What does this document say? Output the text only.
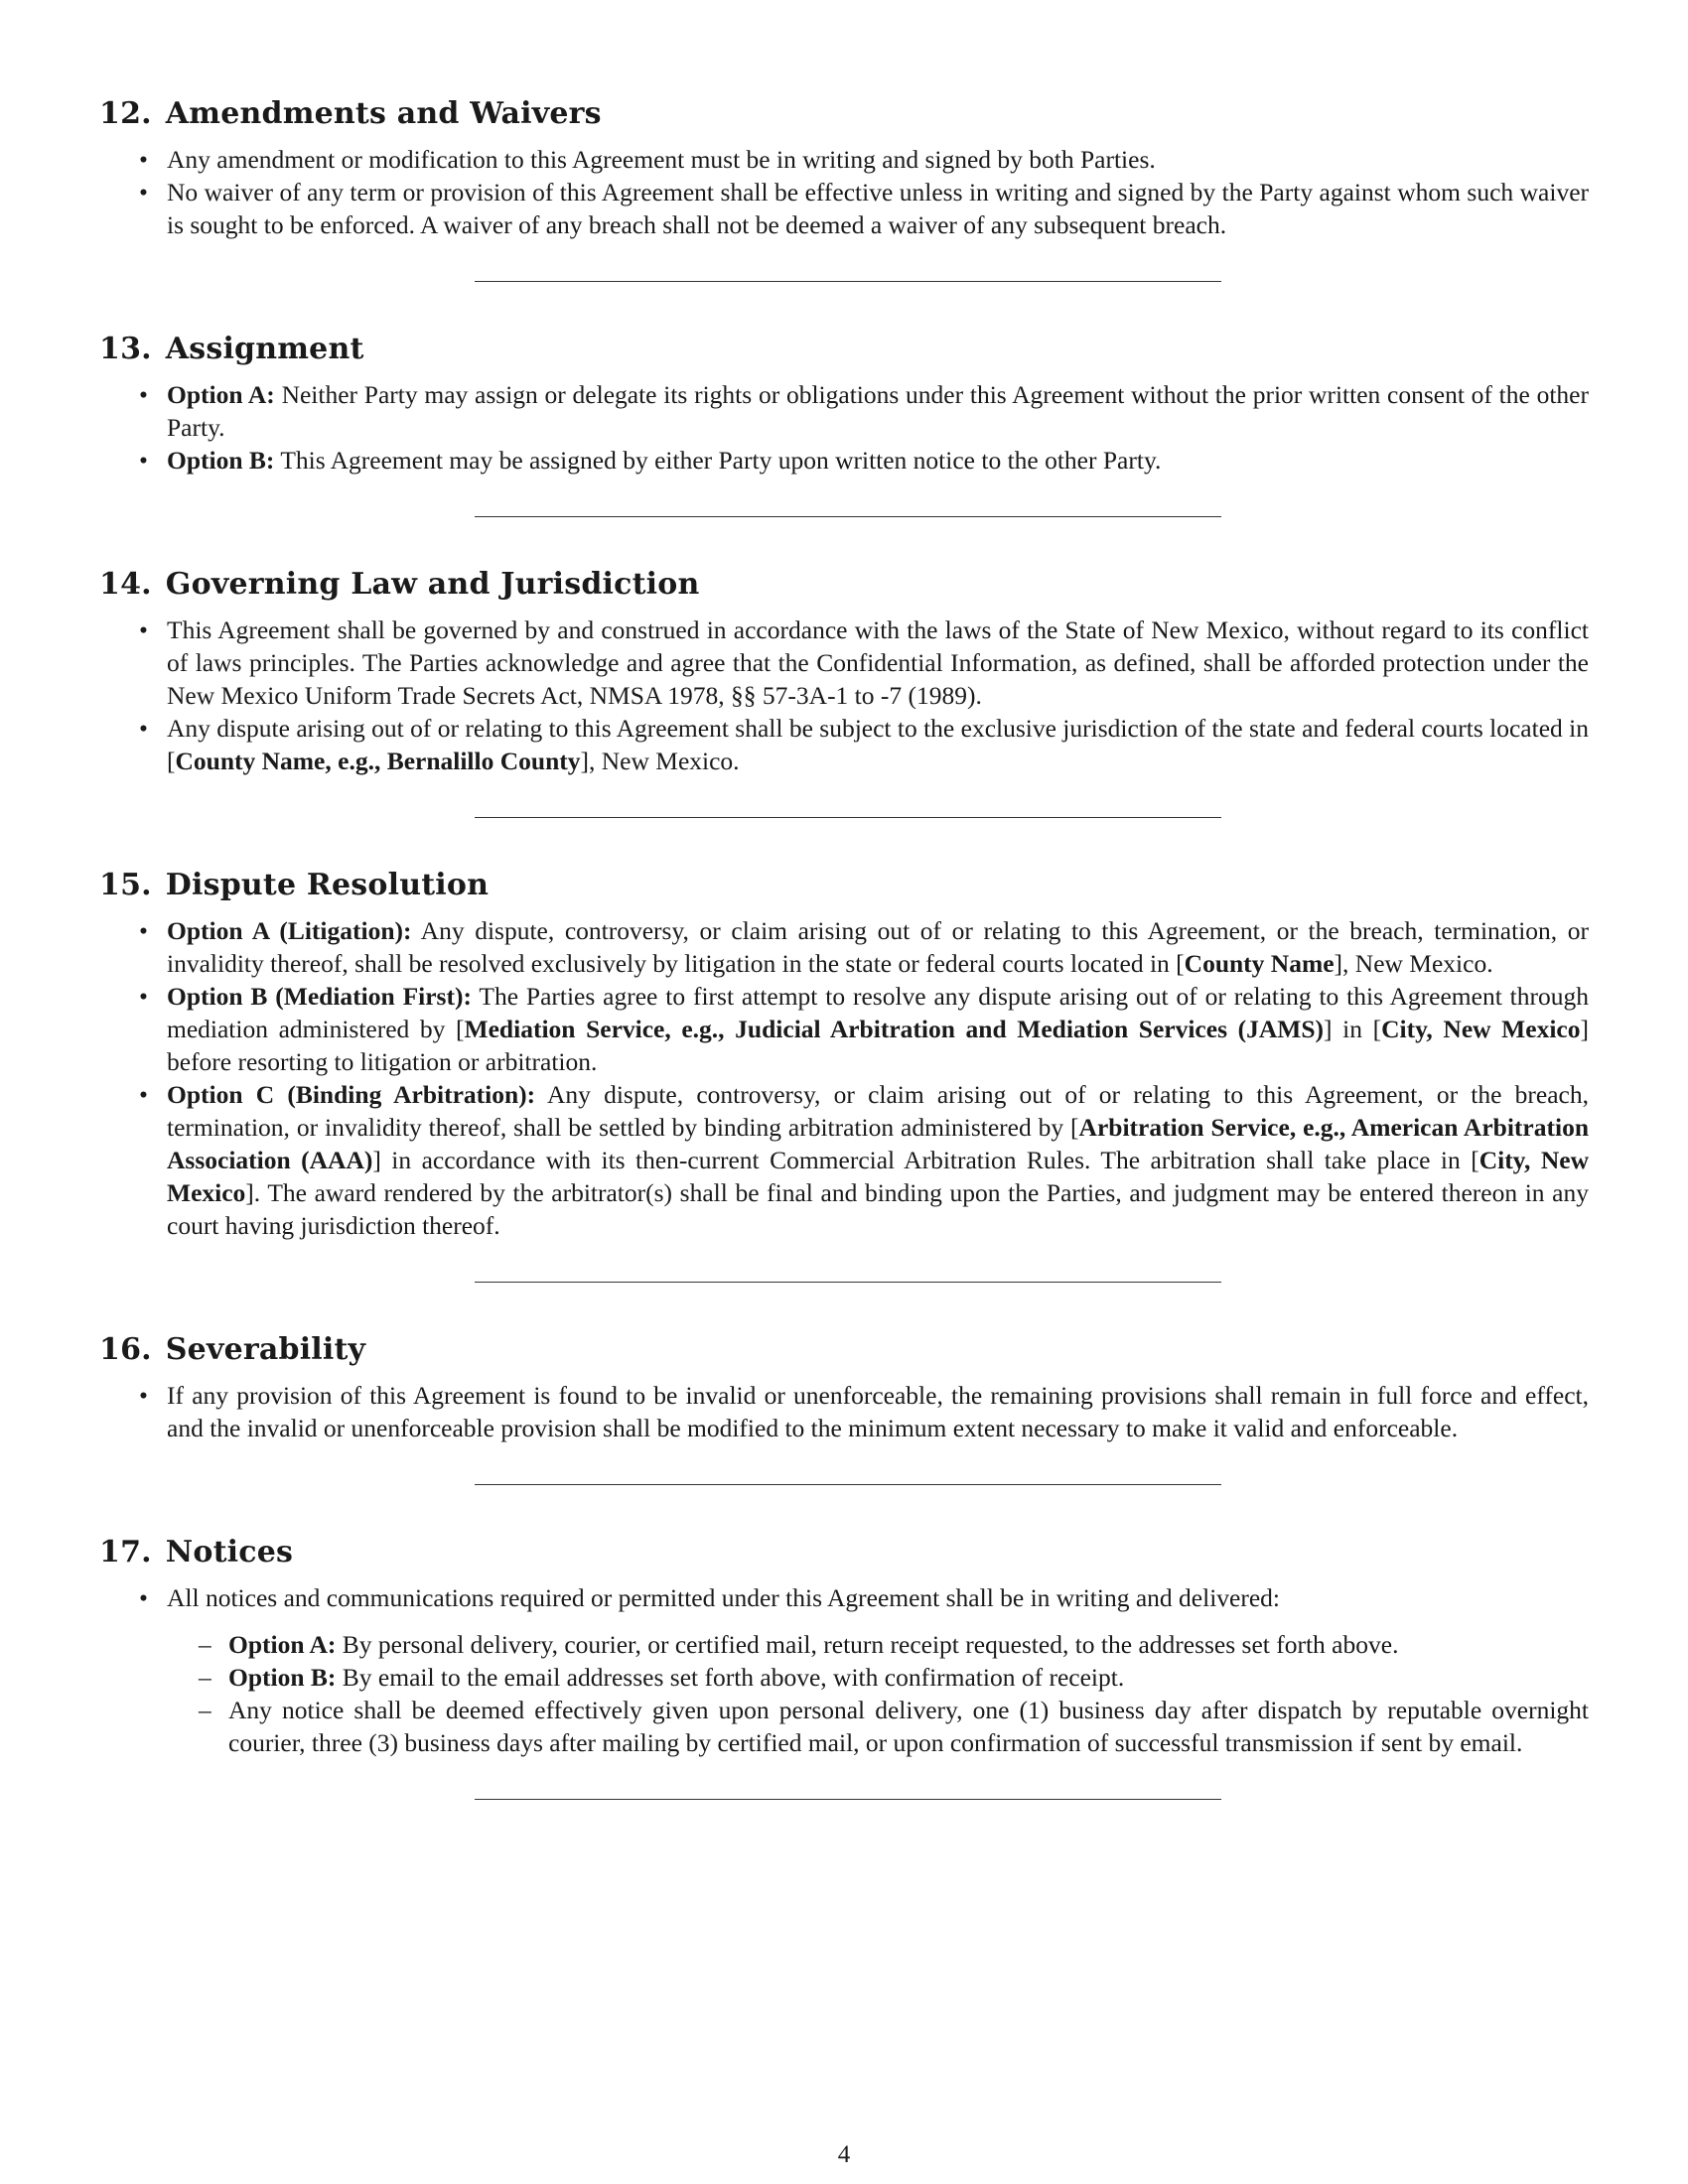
12. Amendments and Waivers
• Any amendment or modification to this Agreement must be in writing and signed by both Parties.
• No waiver of any term or provision of this Agreement shall be effective unless in writing and signed by the Party against whom such waiver is sought to be enforced. A waiver of any breach shall not be deemed a waiver of any subsequent breach.
13. Assignment
• Option A: Neither Party may assign or delegate its rights or obligations under this Agreement without the prior written consent of the other Party.
• Option B: This Agreement may be assigned by either Party upon written notice to the other Party.
14. Governing Law and Jurisdiction
• This Agreement shall be governed by and construed in accordance with the laws of the State of New Mexico, without regard to its conflict of laws principles. The Parties acknowledge and agree that the Confidential Information, as defined, shall be afforded protection under the New Mexico Uniform Trade Secrets Act, NMSA 1978, §§ 57-3A-1 to -7 (1989).
• Any dispute arising out of or relating to this Agreement shall be subject to the exclusive jurisdiction of the state and federal courts located in [County Name, e.g., Bernalillo County], New Mexico.
15. Dispute Resolution
• Option A (Litigation): Any dispute, controversy, or claim arising out of or relating to this Agreement, or the breach, termination, or invalidity thereof, shall be resolved exclusively by litigation in the state or federal courts located in [County Name], New Mexico.
• Option B (Mediation First): The Parties agree to first attempt to resolve any dispute arising out of or relating to this Agreement through mediation administered by [Mediation Service, e.g., Judicial Arbitration and Mediation Services (JAMS)] in [City, New Mexico] before resorting to litigation or arbitration.
• Option C (Binding Arbitration): Any dispute, controversy, or claim arising out of or relating to this Agreement, or the breach, termination, or invalidity thereof, shall be settled by binding arbitration administered by [Arbitration Service, e.g., American Arbitration Association (AAA)] in accordance with its then-current Commercial Arbitration Rules. The arbitration shall take place in [City, New Mexico]. The award rendered by the arbitrator(s) shall be final and binding upon the Parties, and judgment may be entered thereon in any court having jurisdiction thereof.
16. Severability
• If any provision of this Agreement is found to be invalid or unenforceable, the remaining provisions shall remain in full force and effect, and the invalid or unenforceable provision shall be modified to the minimum extent necessary to make it valid and enforceable.
17. Notices
• All notices and communications required or permitted under this Agreement shall be in writing and delivered:
– Option A: By personal delivery, courier, or certified mail, return receipt requested, to the addresses set forth above.
– Option B: By email to the email addresses set forth above, with confirmation of receipt.
– Any notice shall be deemed effectively given upon personal delivery, one (1) business day after dispatch by reputable overnight courier, three (3) business days after mailing by certified mail, or upon confirmation of successful transmission if sent by email.
4
